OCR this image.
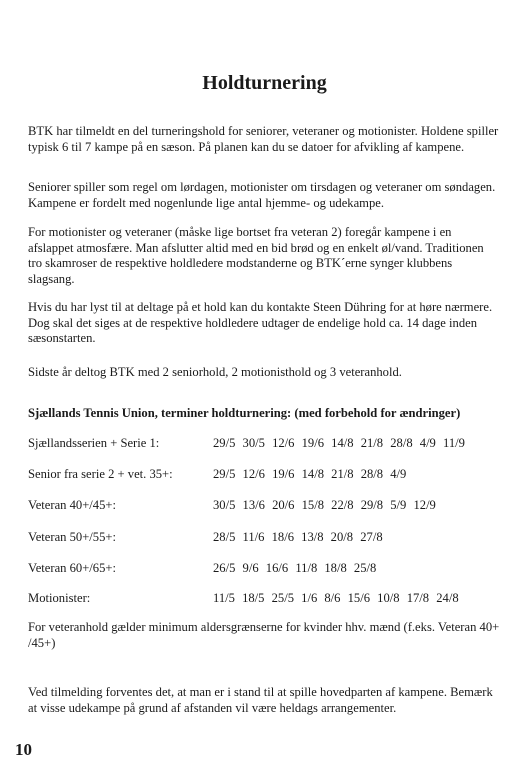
Holdturnering

BTK har tilmeldt en del turneringshold for seniorer, veteraner og motionister. Holdene spiller typisk 6 til 7 kampe på en sæson. På planen kan du se datoer for afvikling af kampene.

Seniorer spiller som regel om lørdagen, motionister om tirsdagen og veteraner om søndagen. Kampene er fordelt med nogenlunde lige antal hjemme- og udekampe.

For motionister og veteraner (måske lige bortset fra veteran 2) foregår kampene i en afslappet atmosfære. Man afslutter altid med en bid brød og en enkelt øl/vand. Traditionen tro skamroser de respektive holdledere modstanderne og BTK´erne synger klubbens slagsang.

Hvis du har lyst til at deltage på et hold kan du kontakte Steen Dühring for at høre nærmere. Dog skal det siges at de respektive holdledere udtager de endelige hold ca. 14 dage inden sæsonstarten.

Sidste år deltog BTK med 2 seniorhold, 2 motionisthold og 3 veteranhold.

Sjællands Tennis Union, terminer holdturnering: (med forbehold for ændringer)
Sjællandsserien + Serie 1:	29/5 30/5 12/6 19/6 14/8 21/8 28/8 4/9 11/9
Senior fra serie 2 + vet. 35+:	29/5 12/6 19/6 14/8 21/8 28/8 4/9
Veteran 40+/45+:	30/5 13/6 20/6 15/8 22/8 29/8 5/9 12/9
Veteran 50+/55+:	28/5 11/6 18/6 13/8 20/8 27/8
Veteran 60+/65+:	26/5 9/6 16/6 11/8 18/8 25/8
Motionister:	11/5 18/5 25/5 1/6 8/6 15/6 10/8 17/8 24/8

For veteranhold gælder minimum aldersgrænserne for kvinder hhv. mænd (f.eks. Veteran 40+ /45+)

Ved tilmelding forventes det, at man er i stand til at spille hovedparten af kampene. Bemærk at visse udekampe på grund af afstanden vil være heldags arrangementer.

10
